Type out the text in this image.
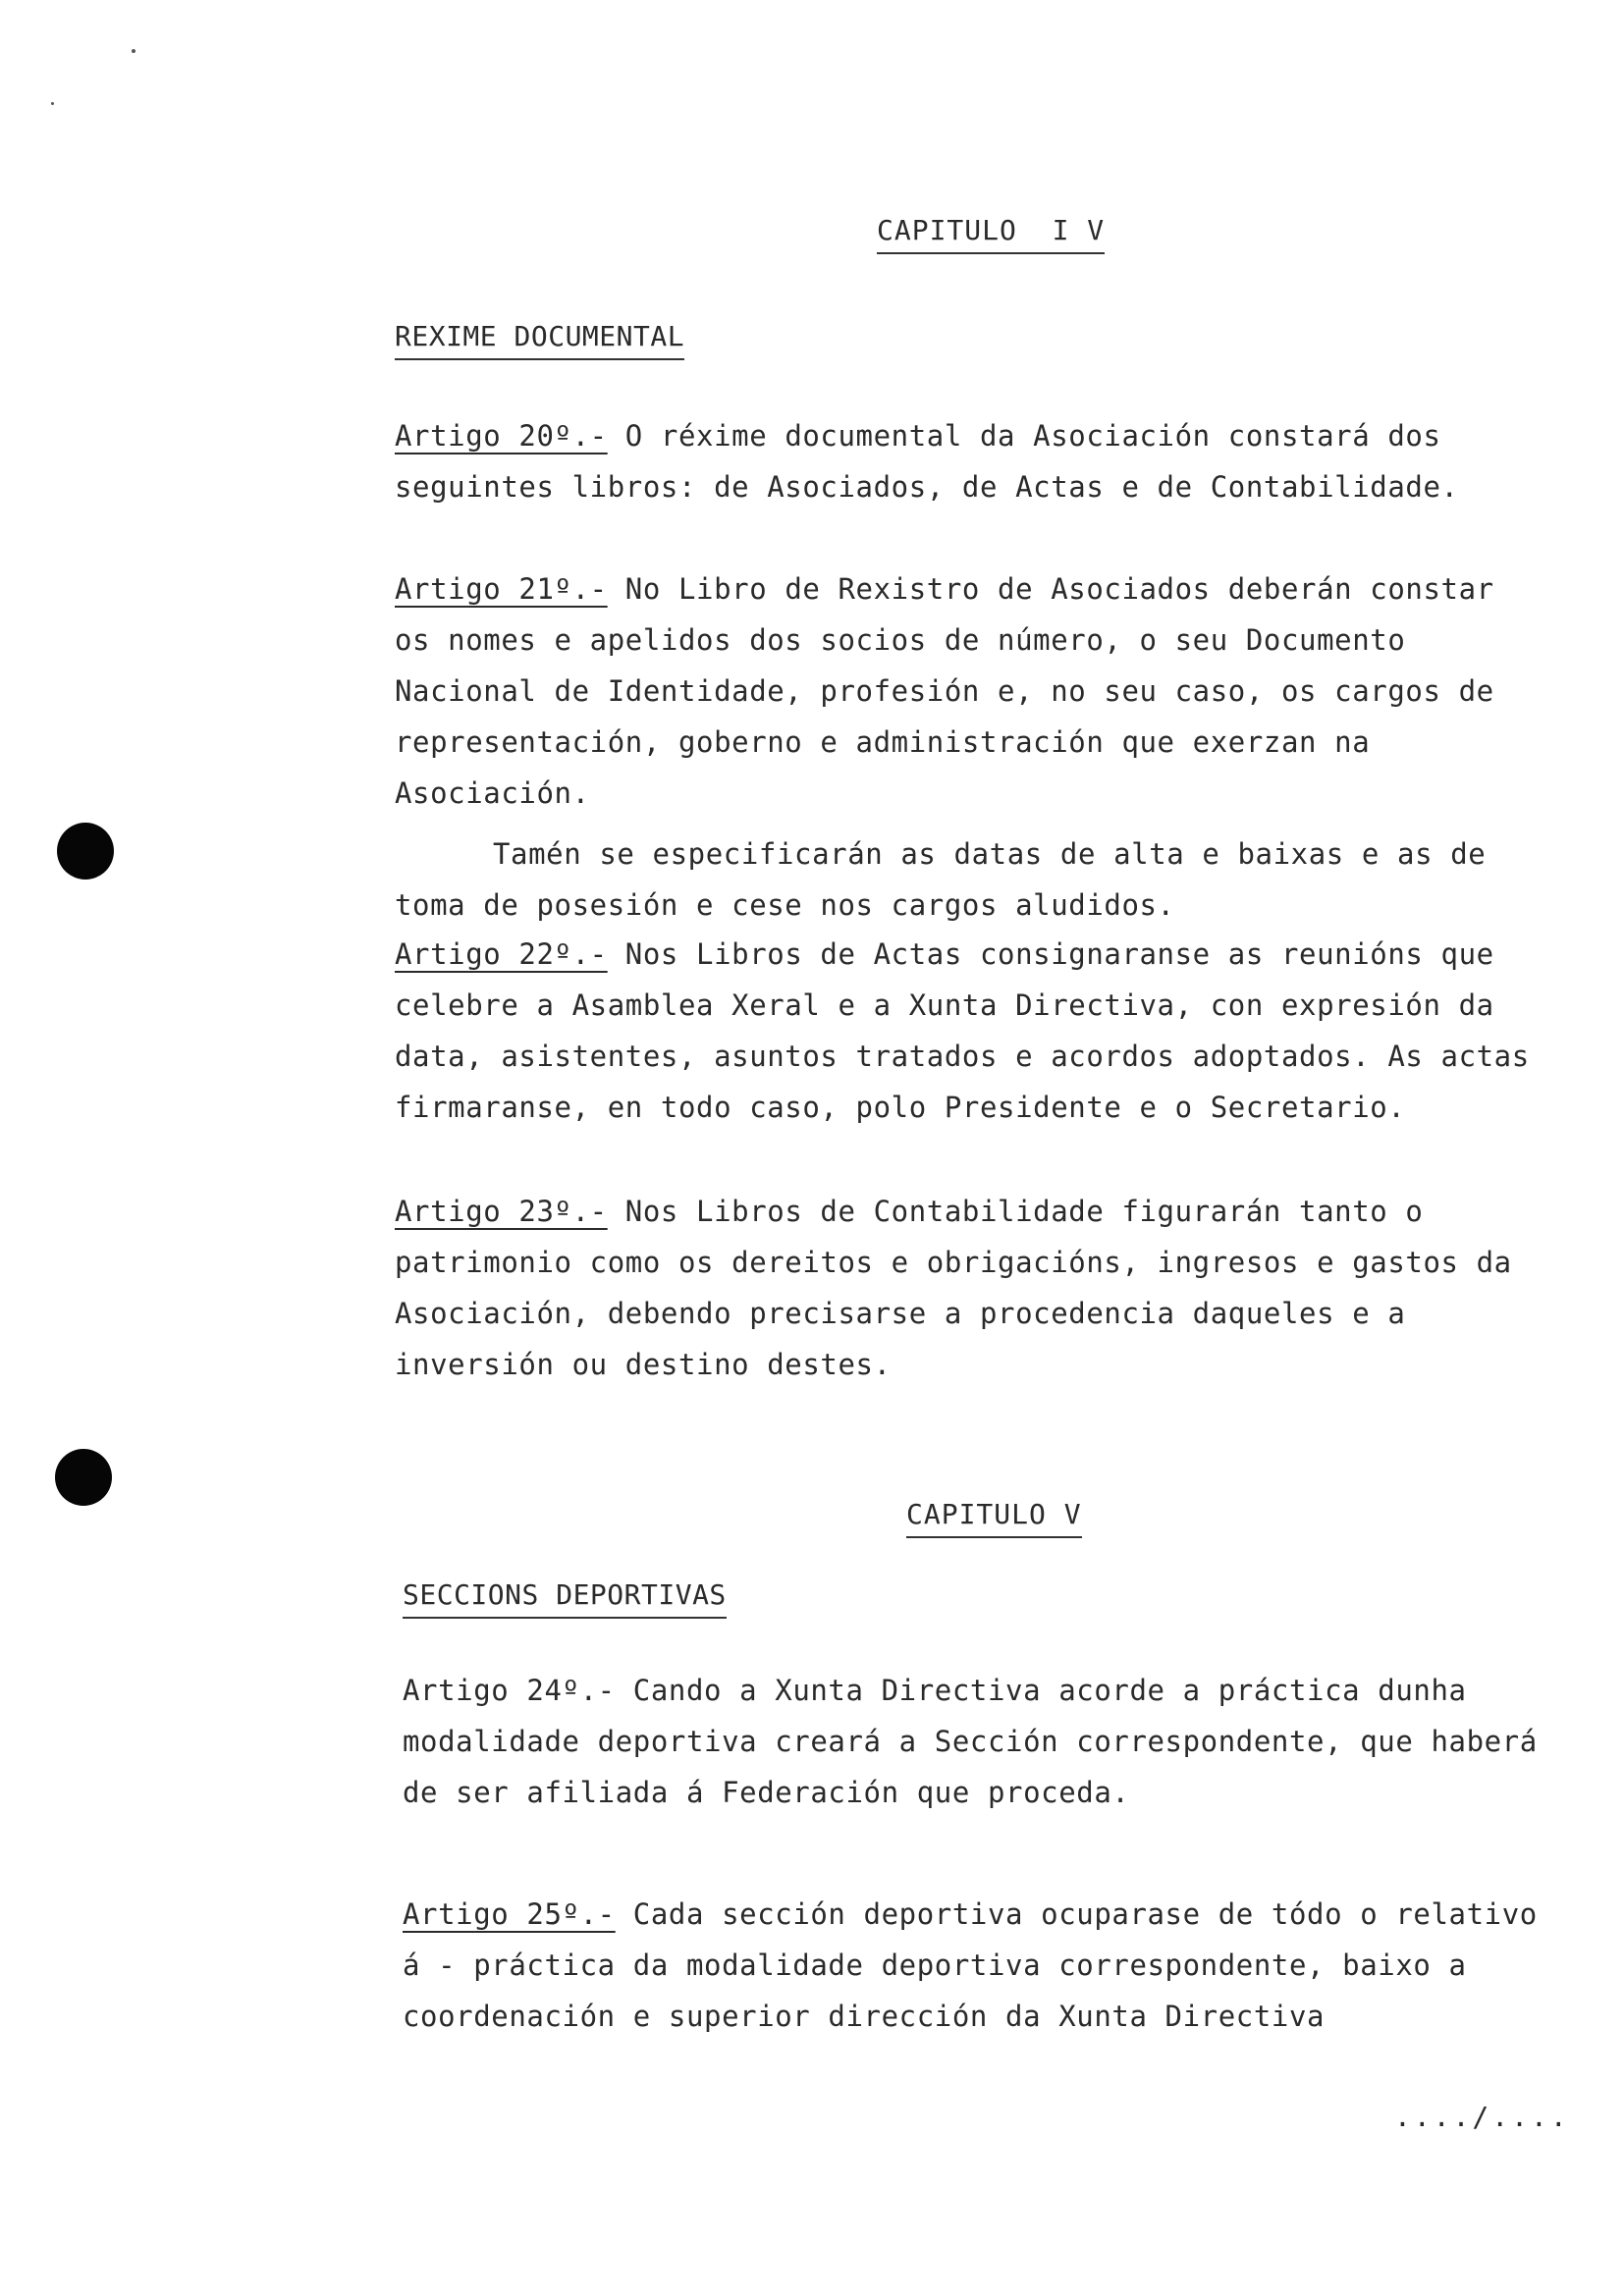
CAPITULO  I V
REXIME DOCUMENTAL

Artigo 20º.- O réxime documental da Asociación constará dos seguintes libros: de Asociados, de Actas e de Contabilidade.

Artigo 21º.- No Libro de Rexistro de Asociados deberán constar os nomes e apelidos dos socios de número, o seu Documento Nacional de Identidade, profesión e, no seu caso, os cargos de representación, goberno e administración que exerzan na Asociación.

Tamén se especificarán as datas de alta e baixas e as de toma de posesión e cese nos cargos aludidos.

Artigo 22º.- Nos Libros de Actas consignaranse as reunións que celebre a Asamblea Xeral e a Xunta Directiva, con expresión da data, asistentes, asuntos tratados e acordos adoptados. As actas firmaranse, en todo caso, polo Presidente e o Secretario.

Artigo 23º.- Nos Libros de Contabilidade figurarán tanto o patrimonio como os dereitos e obrigacións, ingresos e gastos da Asociación, debendo precisarse a procedencia daqueles e a inversión ou destino destes.

CAPITULO V
SECCIONS DEPORTIVAS

Artigo 24º.- Cando a Xunta Directiva acorde a práctica dunha modalidade deportiva creará a Sección correspondente, que haberá de ser afiliada á Federación que proceda.

Artigo 25º.- Cada sección deportiva ocuparase de tódo o relativo á - práctica da modalidade deportiva correspondente, baixo a coordenación e superior dirección da Xunta Directiva

..../....
